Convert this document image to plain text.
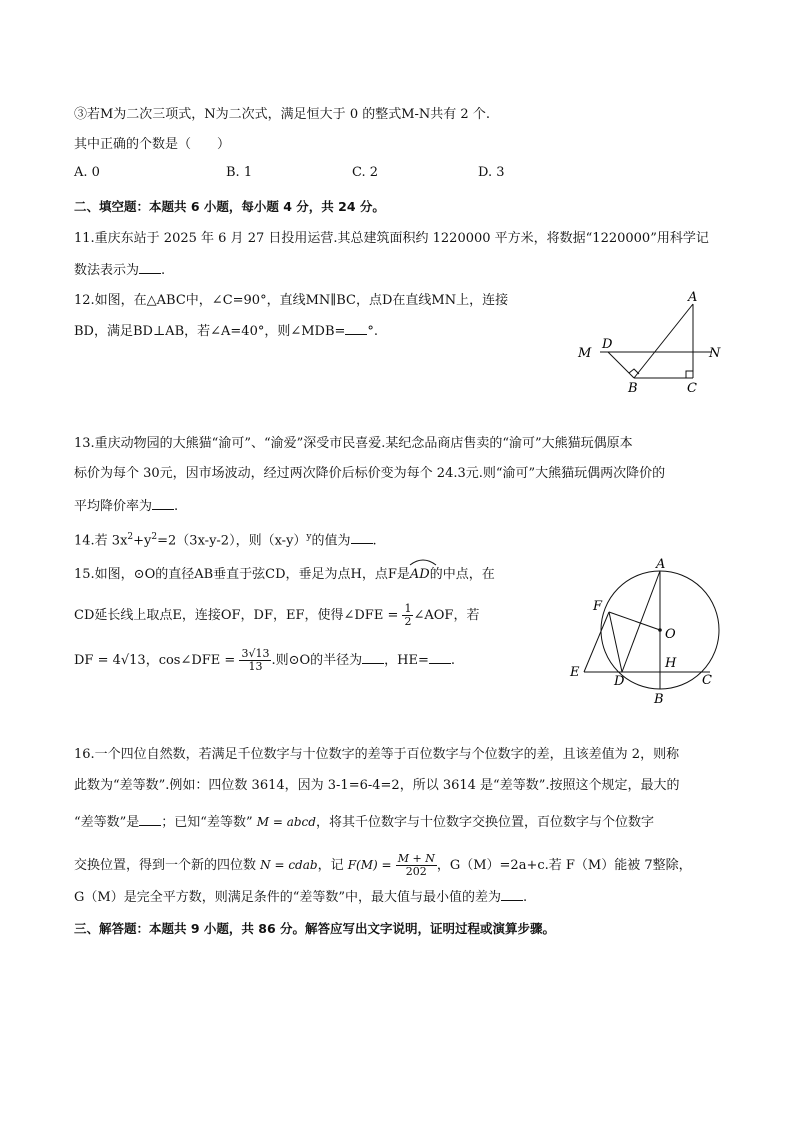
③若M为二次三项式，N为二次式，满足恒大于 0 的整式M-N共有 2 个.
其中正确的个数是（　　）
A. 0	B. 1	C. 2	D. 3
二、填空题：本题共 6 小题，每小题 4 分，共 24 分。
11.重庆东站于 2025 年 6 月 27 日投用运营.其总建筑面积约 1220000 平方米，将数据“1220000”用科学记
数法表示为 .
12.如图，在△ABC中，∠C=90°，直线MN∥BC，点D在直线MN上，连接
BD，满足BD⊥AB，若∠A=40°，则∠MDB= °.
A
M
D
N
B	C
13.重庆动物园的大熊猫“渝可”、“渝爱”深受市民喜爱.某纪念品商店售卖的“渝可”大熊猫玩偶原本
标价为每个 30元，因市场波动，经过两次降价后标价变为每个 24.3元.则“渝可”大熊猫玩偶两次降价的
平均降价率为 .
14.若 $3x^2+y^2=2(3x-y-2)$，则$(x-y)^y$的值为 .
15.如图，⊙O的直径AB垂直于弦CD，垂足为点H，点F是
AD的中点，在
CD延长线上取点E，连接OF，DF，EF，使得∠DFE = $\frac{1}{2}$ ∠AOF，若
DF = 4√13，cos∠DFE = $\frac{3√13}{13}$ .则⊙O的半径为 ，HE= .
A
F
O
E
D
H
C
B
16.一个四位自然数，若满足千位数字与十位数字的差等于百位数字与个位数字的差，且该差值为 2，则称
此数为“差等数”.例如：四位数 3614，因为 3-1=6-4=2，所以 3614 是“差等数”.按照这个规定，最大的
“差等数”是 ；已知“差等数” M = abcd，将其千位数字与十位数字交换位置，百位数字与个位数字
交换位置，得到一个新的四位数 N = cdab，记 $F(M) = \frac{M + N}{202}$ ，G（M）=2a+c.若 F（M）能被 7整除，
G（M）是完全平方数，则满足条件的“差等数”中，最大值与最小值的差为 .
三、解答题：本题共 9 小题，共 86 分。解答应写出文字说明，证明过程或演算步骤。
